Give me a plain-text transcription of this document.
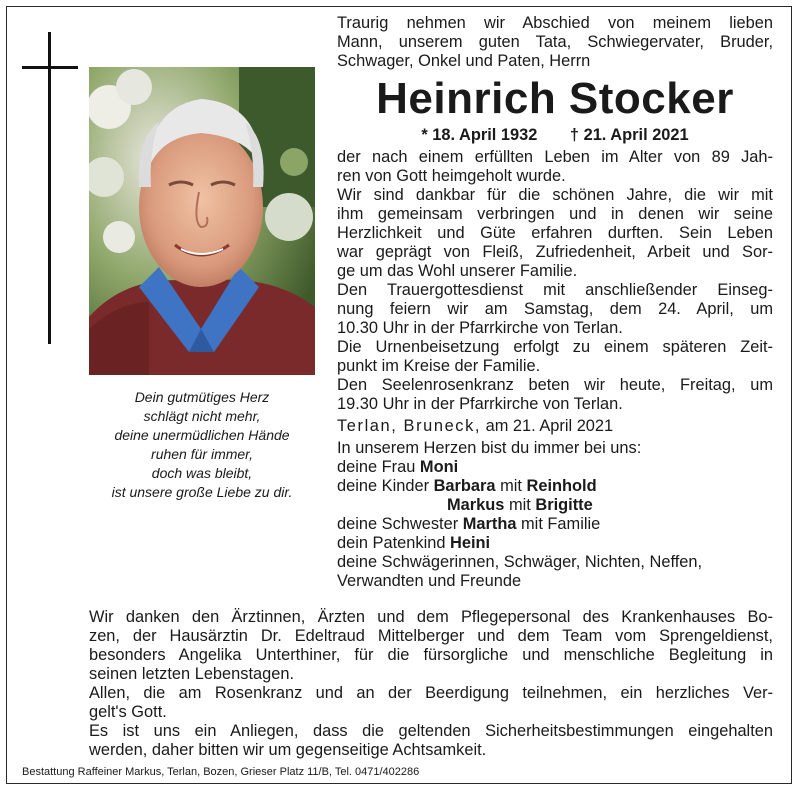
Dein gutmütiges Herz
schlägt nicht mehr,
deine unermüdlichen Hände
ruhen für immer,
doch was bleibt,
ist unsere große Liebe zu dir.
Traurig nehmen wir Abschied von meinem lieben
Mann, unserem guten Tata, Schwiegervater, Bruder,
Schwager, Onkel und Paten, Herrn
Heinrich Stocker
* 18. April 1932 † 21. April 2021
der nach einem erfüllten Leben im Alter von 89 Jah-
ren von Gott heimgeholt wurde.
Wir sind dankbar für die schönen Jahre, die wir mit
ihm gemeinsam verbringen und in denen wir seine
Herzlichkeit und Güte erfahren durften. Sein Leben
war geprägt von Fleiß, Zufriedenheit, Arbeit und Sor-
ge um das Wohl unserer Familie.
Den Trauergottesdienst mit anschließender Einseg-
nung feiern wir am Samstag, dem 24. April, um
10.30 Uhr in der Pfarrkirche von Terlan.
Die Urnenbeisetzung erfolgt zu einem späteren Zeit-
punkt im Kreise der Familie.
Den Seelenrosenkranz beten wir heute, Freitag, um
19.30 Uhr in der Pfarrkirche von Terlan.
Terlan, Bruneck, am 21. April 2021
In unserem Herzen bist du immer bei uns:
deine Frau Moni
deine Kinder Barbara mit Reinhold
Markus mit Brigitte
deine Schwester Martha mit Familie
dein Patenkind Heini
deine Schwägerinnen, Schwäger, Nichten, Neffen,
Verwandten und Freunde
Wir danken den Ärztinnen, Ärzten und dem Pflegepersonal des Krankenhauses Bo-
zen, der Hausärztin Dr. Edeltraud Mittelberger und dem Team vom Sprengeldienst,
besonders Angelika Unterthiner, für die fürsorgliche und menschliche Begleitung in
seinen letzten Lebenstagen.
Allen, die am Rosenkranz und an der Beerdigung teilnehmen, ein herzliches Ver-
gelt's Gott.
Es ist uns ein Anliegen, dass die geltenden Sicherheitsbestimmungen eingehalten
werden, daher bitten wir um gegenseitige Achtsamkeit.
Bestattung Raffeiner Markus, Terlan, Bozen, Grieser Platz 11/B, Tel. 0471/402286
